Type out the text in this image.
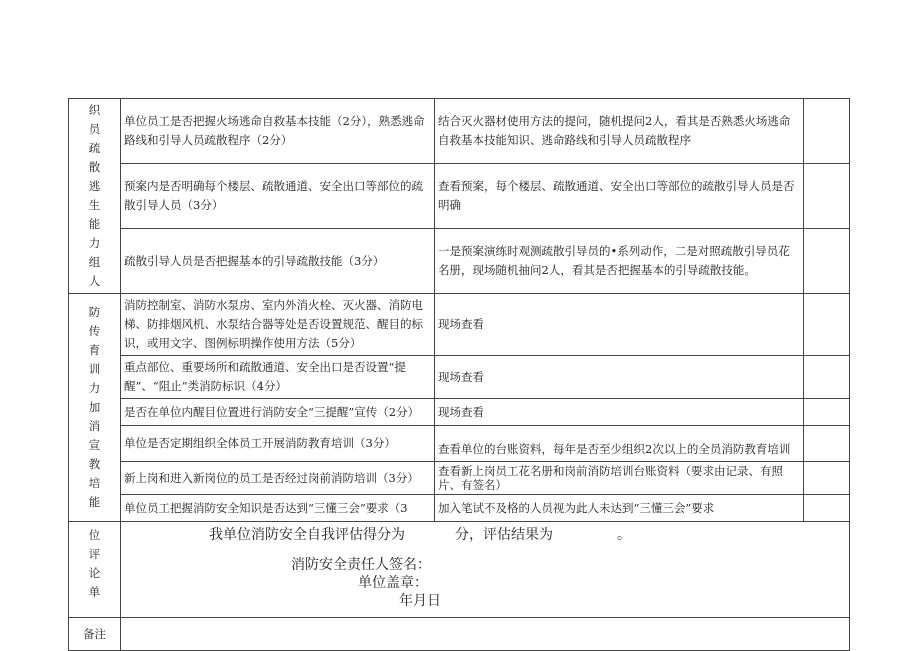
织员疏散逃生能力组人	单位员工是否把握火场逃命自救基本技能（2分），熟悉逃命路线和引导人员疏散程序（2分）	结合灭火器材使用方法的提问，随机提问2人，看其是否熟悉火场逃命自救基本技能知识、逃命路线和引导人员疏散程序	
	预案内是否明确每个楼层、疏散通道、安全出口等部位的疏散引导人员（3分）	查看预案，每个楼层、疏散通道、安全出口等部位的疏散引导人员是否明确	
	疏散引导人员是否把握基本的引导疏散技能（3分）	一是预案演练时观测疏散引导员的•系列动作，二是对照疏散引导员花名册，现场随机抽问2人，看其是否把握基本的引导疏散技能。	
防传育训力加消宣教培能	消防控制室、消防水泵房、室内外消火栓、灭火器、消防电梯、防排烟风机、水泵结合器等处是否设置规范、醒目的标识，或用文字、图例标明操作使用方法（5分）	现场查看	
	重点部位、重要场所和疏散通道、安全出口是否设置“提醒”、“阻止”类消防标识（4分）	现场查看	
	是否在单位内醒目位置进行消防安全“三提醒”宣传（2分）	现场查看	
	单位是否定期组织全体员工开展消防教育培训（3分）	查看单位的台账资料，每年是否至少组织2次以上的全员消防教育培训	
	新上岗和进入新岗位的员工是否经过岗前消防培训（3分）	查看新上岗员工花名册和岗前消防培训台账资料（要求由记录、有照片、有签名）	
	单位员工把握消防安全知识是否达到“三懂三会”要求（3	加入笔试不及格的人员视为此人未达到“三懂三会”要求	
位评论单	我单位消防安全自我评估得分为 分，评估结果为 。
消防安全责任人签名：
单位盖章：
年月日		

备注			
